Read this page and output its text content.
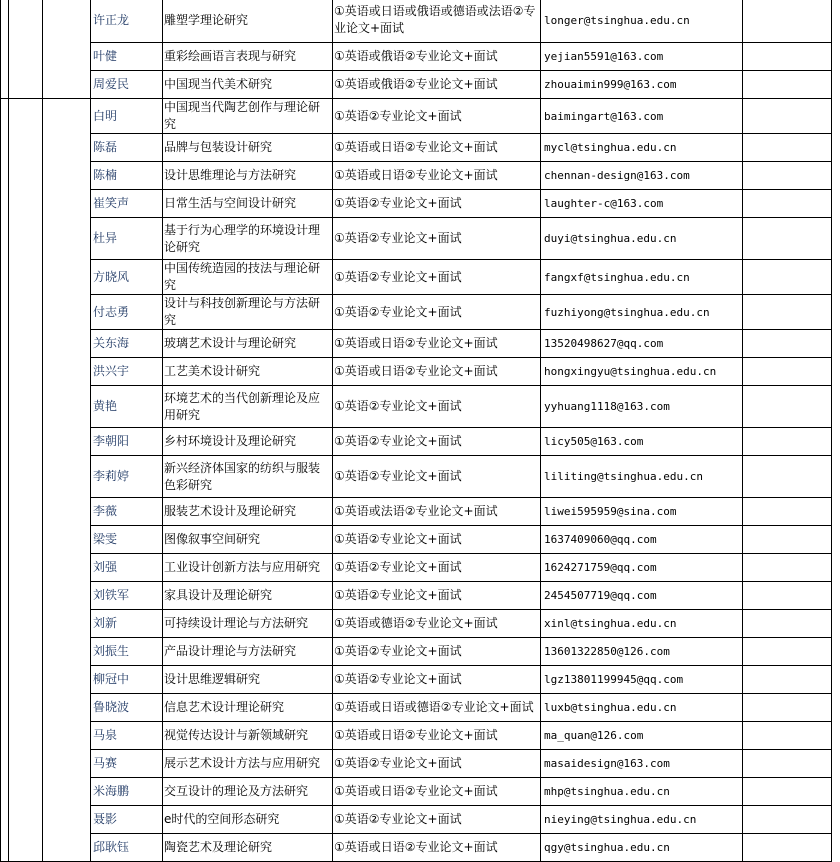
			许正龙	雕塑学理论研究	①英语或日语或俄语或德语或法语②专业论文+面试	longer@tsinghua.edu.cn	
			叶健	重彩绘画语言表现与研究	①英语或俄语②专业论文+面试	yejian5591@163.com	
			周爱民	中国现当代美术研究	①英语或俄语②专业论文+面试	zhouaimin999@163.com	
			白明	中国现当代陶艺创作与理论研究	①英语②专业论文+面试	baimingart@163.com	
			陈磊	品牌与包装设计研究	①英语或日语②专业论文+面试	mycl@tsinghua.edu.cn	
			陈楠	设计思维理论与方法研究	①英语或日语②专业论文+面试	chennan-design@163.com	
			崔笑声	日常生活与空间设计研究	①英语②专业论文+面试	laughter-c@163.com	
			杜异	基于行为心理学的环境设计理论研究	①英语②专业论文+面试	duyi@tsinghua.edu.cn	
			方晓风	中国传统造园的技法与理论研究	①英语②专业论文+面试	fangxf@tsinghua.edu.cn	
			付志勇	设计与科技创新理论与方法研究	①英语②专业论文+面试	fuzhiyong@tsinghua.edu.cn	
			关东海	玻璃艺术设计与理论研究	①英语或日语②专业论文+面试	13520498627@qq.com	
			洪兴宇	工艺美术设计研究	①英语或日语②专业论文+面试	hongxingyu@tsinghua.edu.cn	
			黄艳	环境艺术的当代创新理论及应用研究	①英语②专业论文+面试	yyhuang1118@163.com	
			李朝阳	乡村环境设计及理论研究	①英语②专业论文+面试	licy505@163.com	
			李莉婷	新兴经济体国家的纺织与服装色彩研究	①英语②专业论文+面试	liliting@tsinghua.edu.cn	
			李薇	服装艺术设计及理论研究	①英语或法语②专业论文+面试	liwei595959@sina.com	
			梁雯	图像叙事空间研究	①英语②专业论文+面试	1637409060@qq.com	
			刘强	工业设计创新方法与应用研究	①英语②专业论文+面试	1624271759@qq.com	
			刘铁军	家具设计及理论研究	①英语②专业论文+面试	2454507719@qq.com	
			刘新	可持续设计理论与方法研究	①英语或德语②专业论文+面试	xinl@tsinghua.edu.cn	
			刘振生	产品设计理论与方法研究	①英语②专业论文+面试	13601322850@126.com	
			柳冠中	设计思维逻辑研究	①英语②专业论文+面试	lgz13801199945@qq.com	
			鲁晓波	信息艺术设计理论研究	①英语或日语或德语②专业论文+面试	luxb@tsinghua.edu.cn	
			马泉	视觉传达设计与新领域研究	①英语或日语②专业论文+面试	ma_quan@126.com	
			马赛	展示艺术设计方法与应用研究	①英语②专业论文+面试	masaidesign@163.com	
			米海鹏	交互设计的理论及方法研究	①英语或日语②专业论文+面试	mhp@tsinghua.edu.cn	
			聂影	e时代的空间形态研究	①英语②专业论文+面试	nieying@tsinghua.edu.cn	
			邱耿钰	陶瓷艺术及理论研究	①英语或日语②专业论文+面试	qgy@tsinghua.edu.cn	
